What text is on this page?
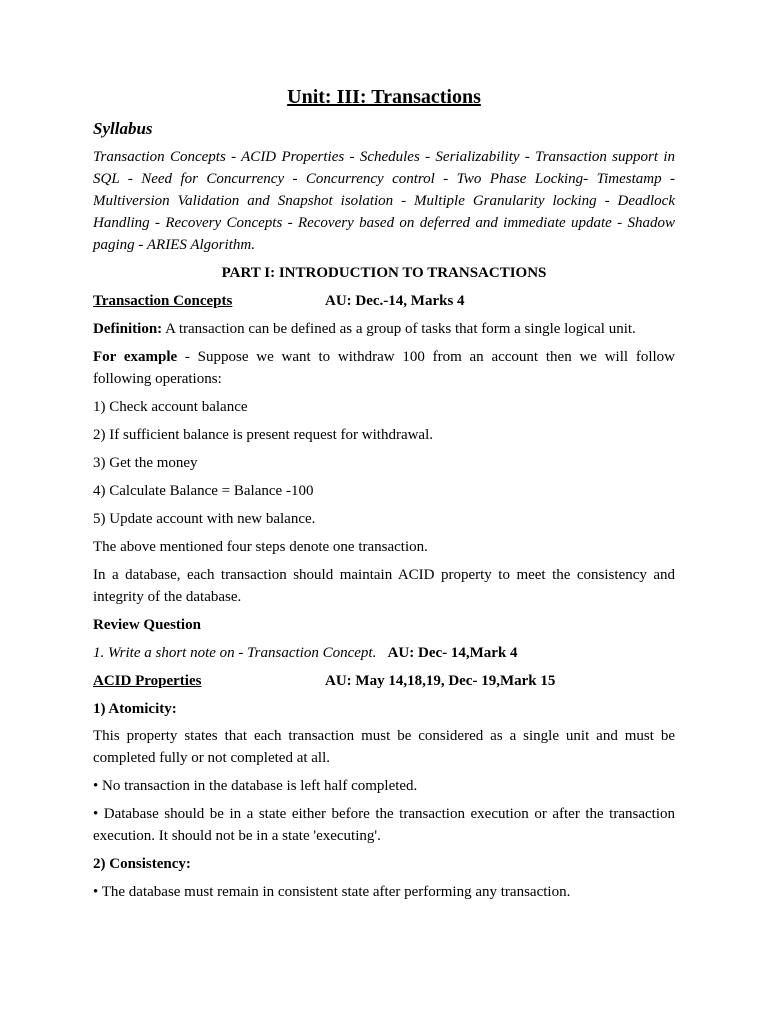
Unit: III: Transactions
Syllabus
Transaction Concepts - ACID Properties - Schedules - Serializability - Transaction support in SQL - Need for Concurrency - Concurrency control - Two Phase Locking- Timestamp - Multiversion Validation and Snapshot isolation - Multiple Granularity locking - Deadlock Handling - Recovery Concepts - Recovery based on deferred and immediate update - Shadow paging - ARIES Algorithm.
PART I: INTRODUCTION TO TRANSACTIONS
Transaction Concepts	AU: Dec.-14, Marks 4
Definition: A transaction can be defined as a group of tasks that form a single logical unit.
For example - Suppose we want to withdraw 100 from an account then we will follow following operations:
1) Check account balance
2) If sufficient balance is present request for withdrawal.
3) Get the money
4) Calculate Balance = Balance -100
5) Update account with new balance.
The above mentioned four steps denote one transaction.
In a database, each transaction should maintain ACID property to meet the consistency and integrity of the database.
Review Question
1. Write a short note on - Transaction Concept. AU: Dec- 14,Mark 4
ACID Properties	AU: May 14,18,19, Dec- 19,Mark 15
1) Atomicity:
This property states that each transaction must be considered as a single unit and must be completed fully or not completed at all.
• No transaction in the database is left half completed.
• Database should be in a state either before the transaction execution or after the transaction execution. It should not be in a state 'executing'.
2) Consistency:
• The database must remain in consistent state after performing any transaction.
